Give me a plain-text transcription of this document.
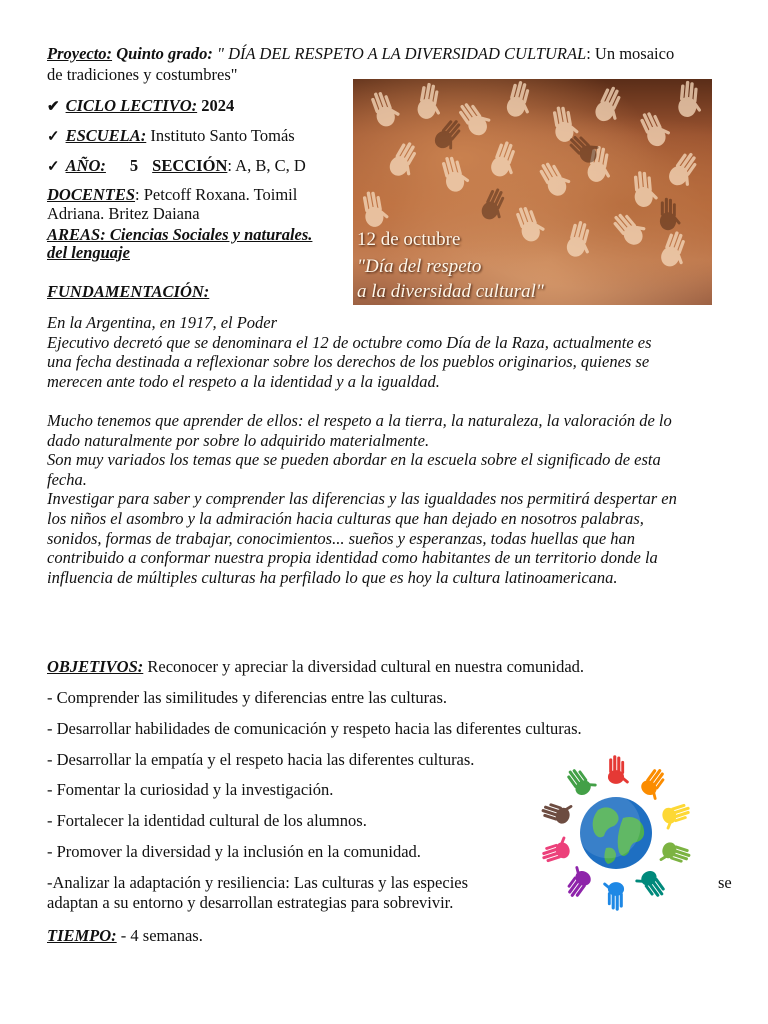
Proyecto: Quinto grado: " DÍA DEL RESPETO A LA DIVERSIDAD CULTURAL: Un mosaico
de tradiciones y costumbres"
✔ CICLO LECTIVO: 2024
✓ ESCUELA: Instituto Santo Tomás
✓ AÑO: 5 SECCIÓN: A, B, C, D
DOCENTES: Petcoff Roxana. Toimil
Adriana. Britez Daiana
AREAS: Ciencias Sociales y naturales.
del lenguaje
12 de octubre
"Día del respeto
a la diversidad cultural"
FUNDAMENTACIÓN:
En la Argentina, en 1917, el Poder
Ejecutivo decretó que se denominara el 12 de octubre como Día de la Raza, actualmente es
una fecha destinada a reflexionar sobre los derechos de los pueblos originarios, quienes se
merecen ante todo el respeto a la identidad y a la igualdad.
Mucho tenemos que aprender de ellos: el respeto a la tierra, la naturaleza, la valoración de lo
dado naturalmente por sobre lo adquirido materialmente.
Son muy variados los temas que se pueden abordar en la escuela sobre el significado de esta
fecha.
Investigar para saber y comprender las diferencias y las igualdades nos permitirá despertar en
los niños el asombro y la admiración hacia culturas que han dejado en nosotros palabras,
sonidos, formas de trabajar, conocimientos... sueños y esperanzas, todas huellas que han
contribuido a conformar nuestra propia identidad como habitantes de un territorio donde la
influencia de múltiples culturas ha perfilado lo que es hoy la cultura latinoamericana.
OBJETIVOS: Reconocer y apreciar la diversidad cultural en nuestra comunidad.
- Comprender las similitudes y diferencias entre las culturas.
- Desarrollar habilidades de comunicación y respeto hacia las diferentes culturas.
- Desarrollar la empatía y el respeto hacia las diferentes culturas.
- Fomentar la curiosidad y la investigación.
- Fortalecer la identidad cultural de los alumnos.
- Promover la diversidad y la inclusión en la comunidad.
-Analizar la adaptación y resiliencia: Las culturas y las especies	se
adaptan a su entorno y desarrollan estrategias para sobrevivir.
TIEMPO: - 4 semanas.
